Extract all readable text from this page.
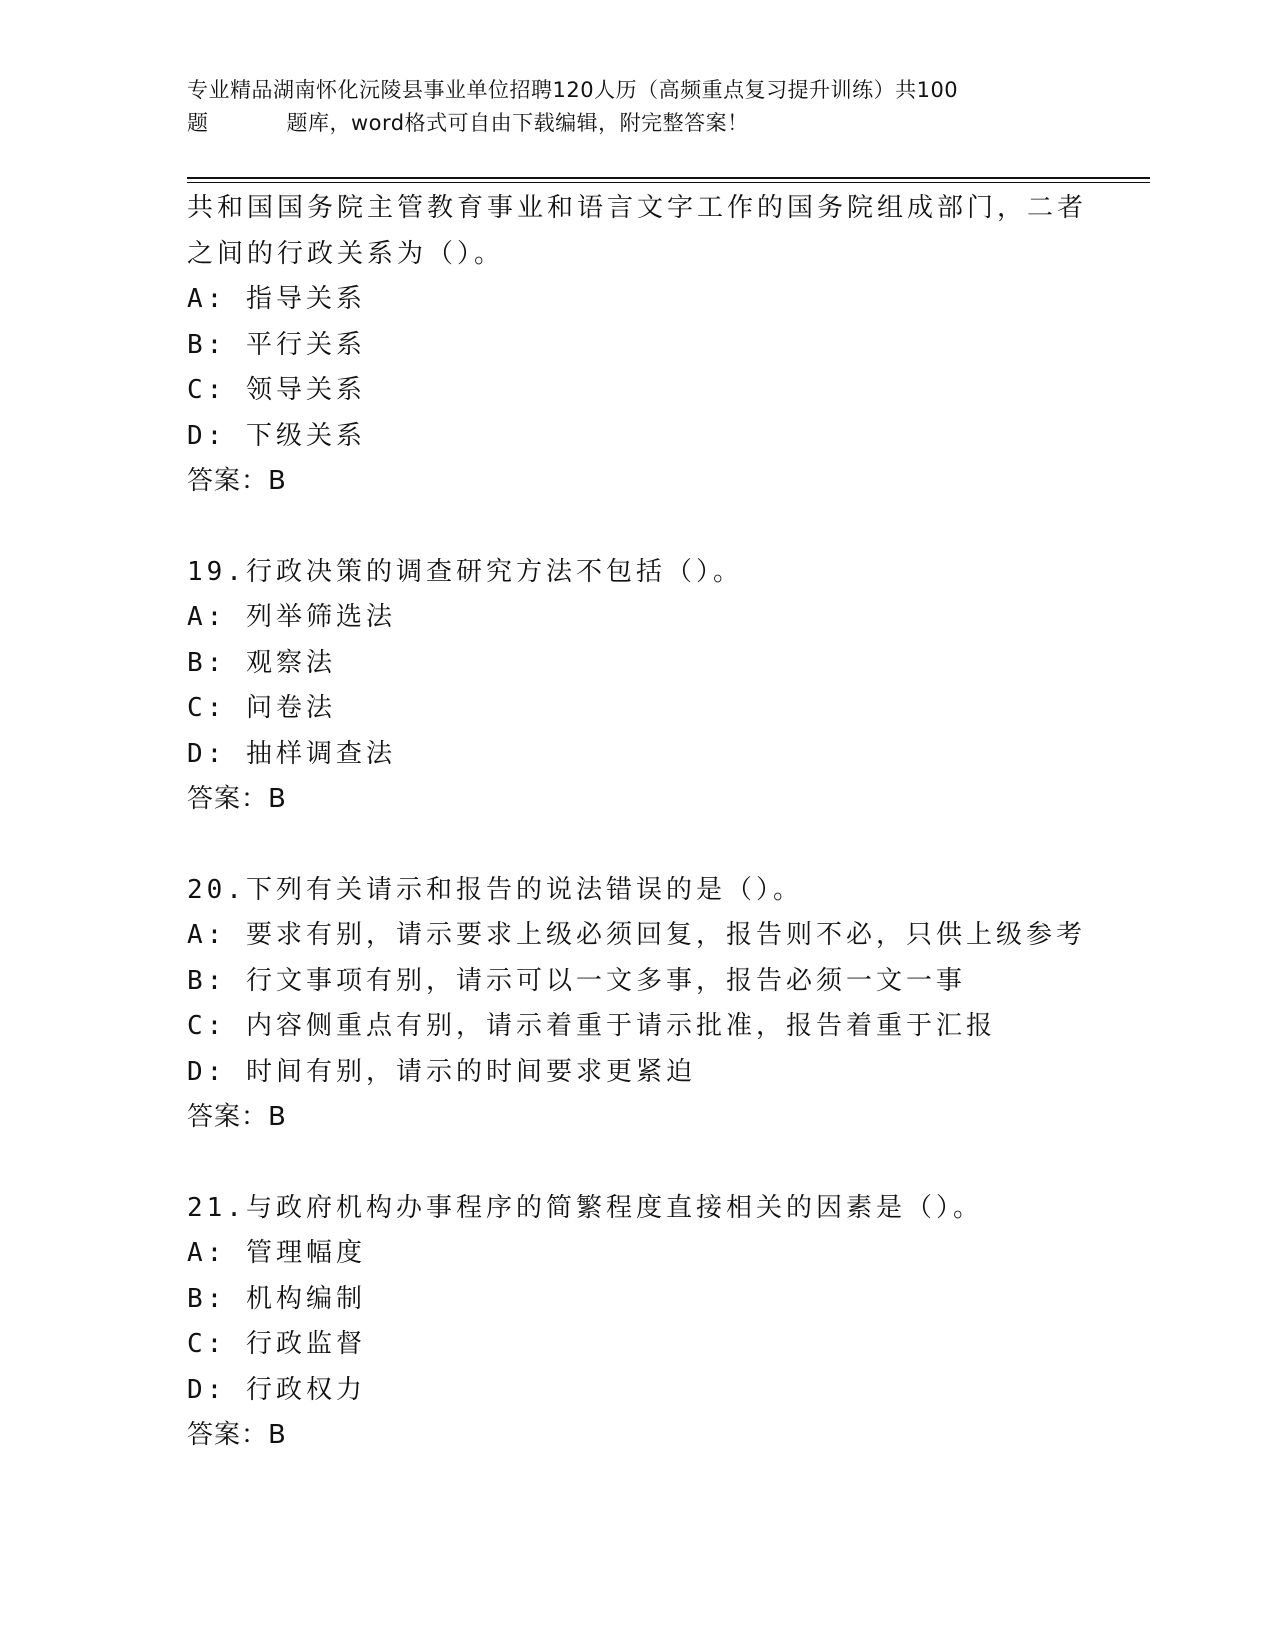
专业精品湖南怀化沅陵县事业单位招聘120人历（高频重点复习提升训练）共100

题	题库，word格式可自由下载编辑，附完整答案！
共和国国务院主管教育事业和语言文字工作的国务院组成部门，二者
之间的行政关系为（）。
A: 指导关系
B: 平行关系
C: 领导关系
D: 下级关系
答案：B
19.行政决策的调查研究方法不包括（）。
A: 列举筛选法
B: 观察法
C: 问卷法
D: 抽样调查法
答案：B
20.下列有关请示和报告的说法错误的是（）。
A: 要求有别，请示要求上级必须回复，报告则不必，只供上级参考
B: 行文事项有别，请示可以一文多事，报告必须一文一事
C: 内容侧重点有别，请示着重于请示批准，报告着重于汇报
D: 时间有别，请示的时间要求更紧迫
答案：B
21.与政府机构办事程序的简繁程度直接相关的因素是（）。
A: 管理幅度
B: 机构编制
C: 行政监督
D: 行政权力
答案：B
